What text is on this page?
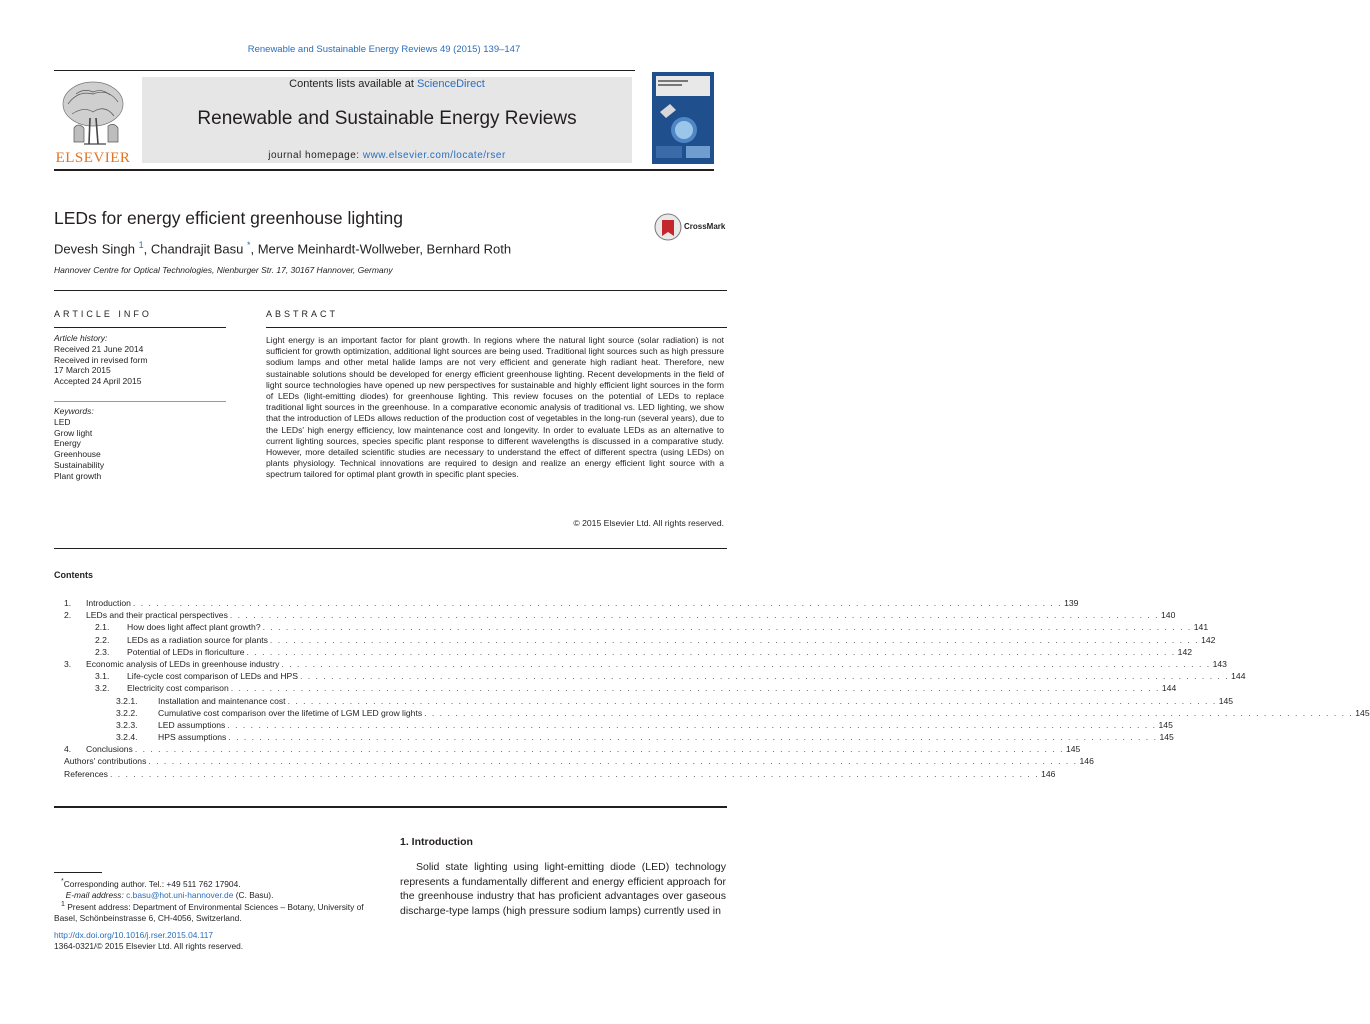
Renewable and Sustainable Energy Reviews 49 (2015) 139–147
ELSEVIER
Contents lists available at ScienceDirect
Renewable and Sustainable Energy Reviews
journal homepage: www.elsevier.com/locate/rser
LEDs for energy efficient greenhouse lighting
Devesh Singh $^1$, Chandrajit Basu *, Merve Meinhardt-Wollweber, Bernhard Roth
Hannover Centre for Optical Technologies, Nienburger Str. 17, 30167 Hannover, Germany
CrossMark
ARTICLE INFO
Article history:
Received 21 June 2014
Received in revised form
17 March 2015
Accepted 24 April 2015
Keywords:
LED
Grow light
Energy
Greenhouse
Sustainability
Plant growth
ABSTRACT
Light energy is an important factor for plant growth. In regions where the natural light source (solar radiation) is not sufficient for growth optimization, additional light sources are being used. Traditional light sources such as high pressure sodium lamps and other metal halide lamps are not very efficient and generate high radiant heat. Therefore, new sustainable solutions should be developed for energy efficient greenhouse lighting. Recent developments in the field of light source technologies have opened up new perspectives for sustainable and highly efficient light sources in the form of LEDs (light-emitting diodes) for greenhouse lighting. This review focuses on the potential of LEDs to replace traditional light sources in the greenhouse. In a comparative economic analysis of traditional vs. LED lighting, we show that the introduction of LEDs allows reduction of the production cost of vegetables in the long-run (several years), due to the LEDs' high energy efficiency, low maintenance cost and longevity. In order to evaluate LEDs as an alternative to current lighting sources, species specific plant response to different wavelengths is discussed in a comparative study. However, more detailed scientific studies are necessary to understand the effect of different spectra (using LEDs) on plants physiology. Technical innovations are required to design and realize an energy efficient light source with a spectrum tailored for optimal plant growth in specific plant species.
© 2015 Elsevier Ltd. All rights reserved.
Contents
1.	Introduction . . . . . . . . . . . . . . . . . . . . . . . . . . . . . . . . . . . . . . . . . . . . . . . . . . . . . . . . . . . . . . . . . . . . . . . . . . . . . . . . . . . . . . . . . . . . . . . . . . . . . . . . . . . . . . . . . . . . . . . . 139
2.	LEDs and their practical perspectives . . . . . . . . . . . . . . . . . . . . . . . . . . . . . . . . . . . . . . . . . . . . . . . . . . . . . . . . . . . . . . . . . . . . . . . . . . . . . . . . . . . . . . . . . . . . . . . . . . . . . . . . . . . . . . . . . . . . . . . . 140
2.1.	How does light affect plant growth? . . . . . . . . . . . . . . . . . . . . . . . . . . . . . . . . . . . . . . . . . . . . . . . . . . . . . . . . . . . . . . . . . . . . . . . . . . . . . . . . . . . . . . . . . . . . . . . . . . . . . . . . . . . . . . . . . . . . . . . . 141
2.2.	LEDs as a radiation source for plants . . . . . . . . . . . . . . . . . . . . . . . . . . . . . . . . . . . . . . . . . . . . . . . . . . . . . . . . . . . . . . . . . . . . . . . . . . . . . . . . . . . . . . . . . . . . . . . . . . . . . . . . . . . . . . . . . . . . . . . . 142
2.3.	Potential of LEDs in floriculture . . . . . . . . . . . . . . . . . . . . . . . . . . . . . . . . . . . . . . . . . . . . . . . . . . . . . . . . . . . . . . . . . . . . . . . . . . . . . . . . . . . . . . . . . . . . . . . . . . . . . . . . . . . . . . . . . . . . . . . . 142
3.	Economic analysis of LEDs in greenhouse industry . . . . . . . . . . . . . . . . . . . . . . . . . . . . . . . . . . . . . . . . . . . . . . . . . . . . . . . . . . . . . . . . . . . . . . . . . . . . . . . . . . . . . . . . . . . . . . . . . . . . . . . . . . . . . . . . . . . . . . . . 143
3.1.	Life-cycle cost comparison of LEDs and HPS . . . . . . . . . . . . . . . . . . . . . . . . . . . . . . . . . . . . . . . . . . . . . . . . . . . . . . . . . . . . . . . . . . . . . . . . . . . . . . . . . . . . . . . . . . . . . . . . . . . . . . . . . . . . . . . . . . . . . . . . 144
3.2.	Electricity cost comparison . . . . . . . . . . . . . . . . . . . . . . . . . . . . . . . . . . . . . . . . . . . . . . . . . . . . . . . . . . . . . . . . . . . . . . . . . . . . . . . . . . . . . . . . . . . . . . . . . . . . . . . . . . . . . . . . . . . . . . . . 144
3.2.1.	Installation and maintenance cost . . . . . . . . . . . . . . . . . . . . . . . . . . . . . . . . . . . . . . . . . . . . . . . . . . . . . . . . . . . . . . . . . . . . . . . . . . . . . . . . . . . . . . . . . . . . . . . . . . . . . . . . . . . . . . . . . . . . . . . . 145
3.2.2.	Cumulative cost comparison over the lifetime of LGM LED grow lights . . . . . . . . . . . . . . . . . . . . . . . . . . . . . . . . . . . . . . . . . . . . . . . . . . . . . . . . . . . . . . . . . . . . . . . . . . . . . . . . . . . . . . . . . . . . . . . . . . . . . . . . . . . . . . . . . . . . . . . . 145
3.2.3.	LED assumptions . . . . . . . . . . . . . . . . . . . . . . . . . . . . . . . . . . . . . . . . . . . . . . . . . . . . . . . . . . . . . . . . . . . . . . . . . . . . . . . . . . . . . . . . . . . . . . . . . . . . . . . . . . . . . . . . . . . . . . . . 145
3.2.4.	HPS assumptions . . . . . . . . . . . . . . . . . . . . . . . . . . . . . . . . . . . . . . . . . . . . . . . . . . . . . . . . . . . . . . . . . . . . . . . . . . . . . . . . . . . . . . . . . . . . . . . . . . . . . . . . . . . . . . . . . . . . . . . . 145
4.	Conclusions . . . . . . . . . . . . . . . . . . . . . . . . . . . . . . . . . . . . . . . . . . . . . . . . . . . . . . . . . . . . . . . . . . . . . . . . . . . . . . . . . . . . . . . . . . . . . . . . . . . . . . . . . . . . . . . . . . . . . . . . 145
Authors' contributions . . . . . . . . . . . . . . . . . . . . . . . . . . . . . . . . . . . . . . . . . . . . . . . . . . . . . . . . . . . . . . . . . . . . . . . . . . . . . . . . . . . . . . . . . . . . . . . . . . . . . . . . . . . . . . . . . . . . . . . . 146
References . . . . . . . . . . . . . . . . . . . . . . . . . . . . . . . . . . . . . . . . . . . . . . . . . . . . . . . . . . . . . . . . . . . . . . . . . . . . . . . . . . . . . . . . . . . . . . . . . . . . . . . . . . . . . . . . . . . . . . . . 146
1. Introduction
Solid state lighting using light-emitting diode (LED) technology represents a fundamentally different and energy efficient approach for the greenhouse industry that has proficient advantages over gaseous discharge-type lamps (high pressure sodium lamps) currently used in
*Corresponding author. Tel.: +49 511 762 17904.
E-mail address: c.basu@hot.uni-hannover.de (C. Basu).
$^1$ Present address: Department of Environmental Sciences – Botany, University of Basel, Schönbeinstrasse 6, CH-4056, Switzerland.
http://dx.doi.org/10.1016/j.rser.2015.04.117
1364-0321/© 2015 Elsevier Ltd. All rights reserved.
